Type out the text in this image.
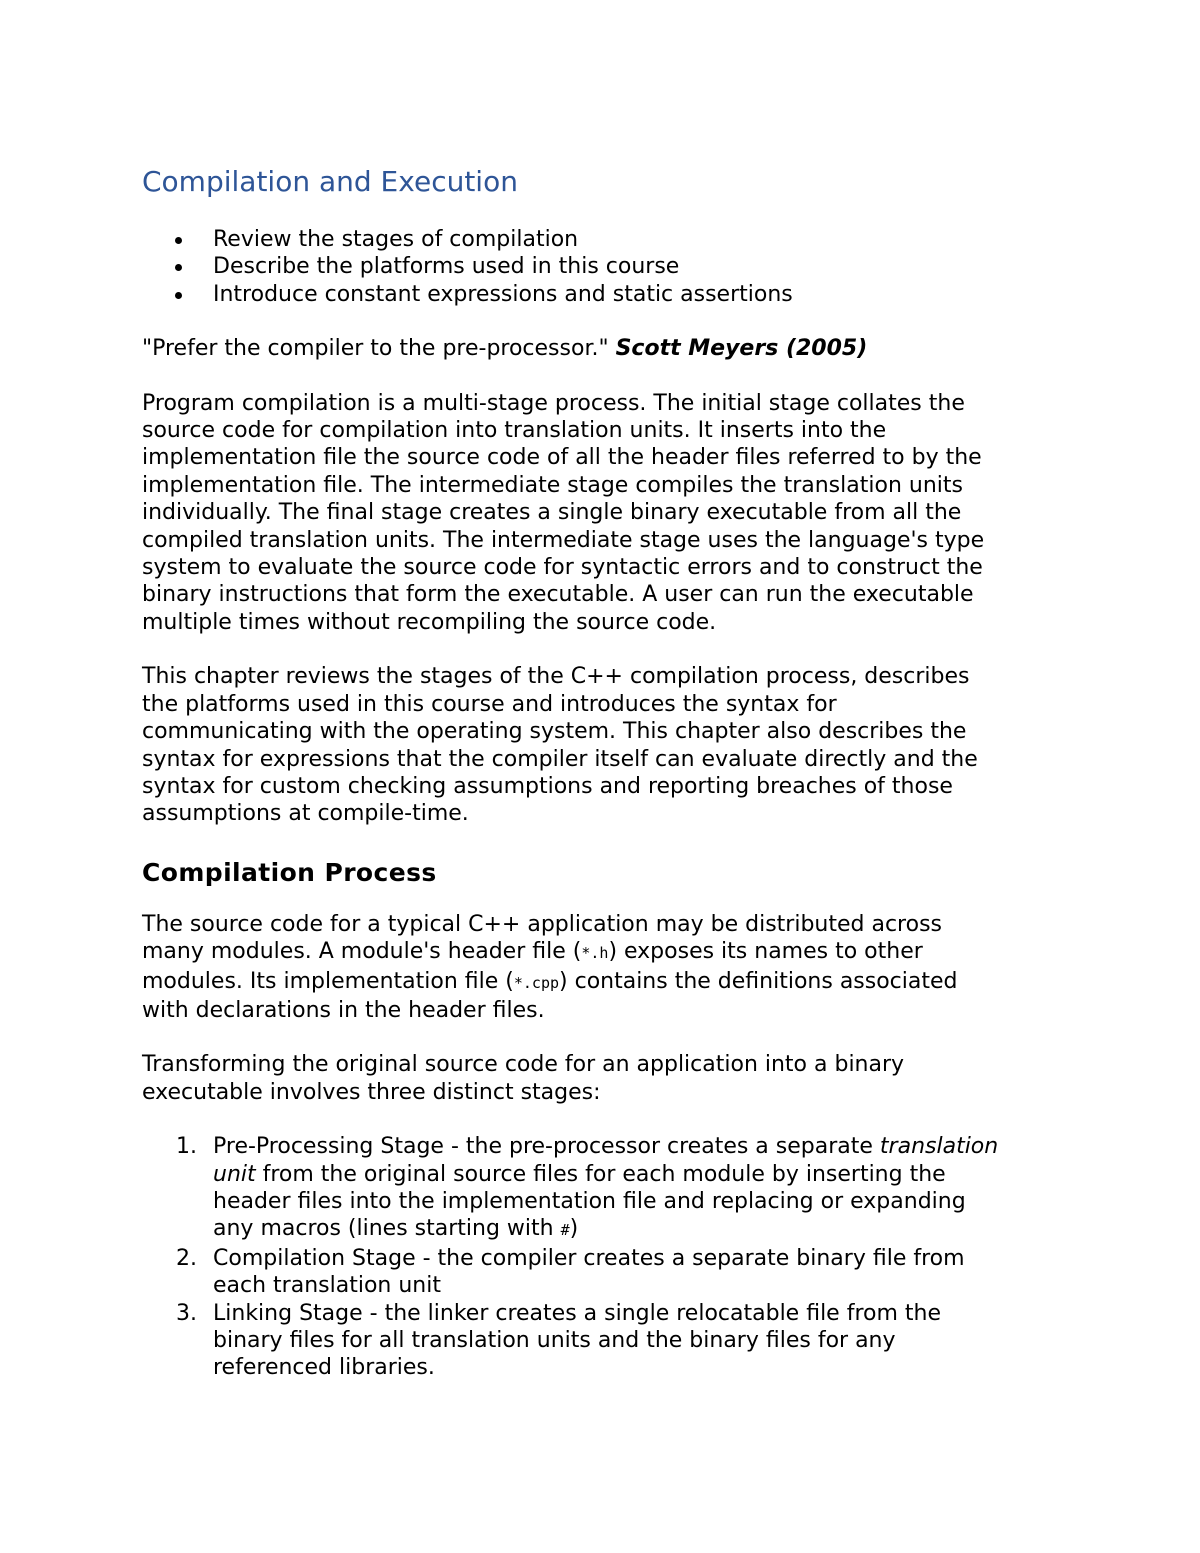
Compilation and Execution
Review the stages of compilation
Describe the platforms used in this course
Introduce constant expressions and static assertions

"Prefer the compiler to the pre-processor." Scott Meyers (2005)

Program compilation is a multi-stage process. The initial stage collates the
source code for compilation into translation units. It inserts into the
implementation file the source code of all the header files referred to by the
implementation file. The intermediate stage compiles the translation units
individually. The final stage creates a single binary executable from all the
compiled translation units. The intermediate stage uses the language's type
system to evaluate the source code for syntactic errors and to construct the
binary instructions that form the executable. A user can run the executable
multiple times without recompiling the source code.

This chapter reviews the stages of the C++ compilation process, describes
the platforms used in this course and introduces the syntax for
communicating with the operating system. This chapter also describes the
syntax for expressions that the compiler itself can evaluate directly and the
syntax for custom checking assumptions and reporting breaches of those
assumptions at compile-time.

Compilation Process

The source code for a typical C++ application may be distributed across
many modules. A module's header file (*.h) exposes its names to other
modules. Its implementation file (*.cpp) contains the definitions associated
with declarations in the header files.

Transforming the original source code for an application into a binary
executable involves three distinct stages:

1. Pre-Processing Stage - the pre-processor creates a separate translation
unit from the original source files for each module by inserting the
header files into the implementation file and replacing or expanding
any macros (lines starting with #)
2. Compilation Stage - the compiler creates a separate binary file from
each translation unit
3. Linking Stage - the linker creates a single relocatable file from the
binary files for all translation units and the binary files for any
referenced libraries.
